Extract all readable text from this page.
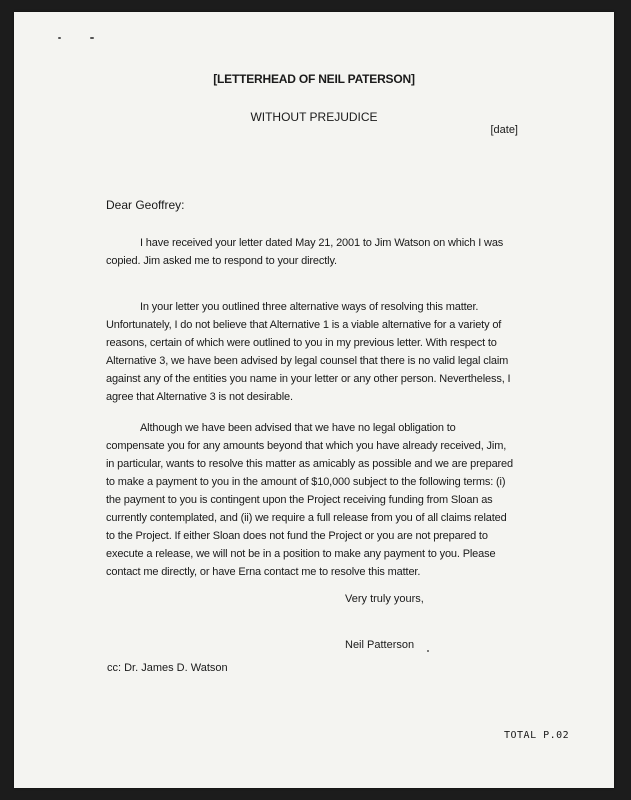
[LETTERHEAD OF NEIL PATERSON]
WITHOUT PREJUDICE
[date]
Dear Geoffrey:
I have received your letter dated May 21, 2001 to Jim Watson on which I was copied. Jim asked me to respond to your directly.
In your letter you outlined three alternative ways of resolving this matter. Unfortunately, I do not believe that Alternative 1 is a viable alternative for a variety of reasons, certain of which were outlined to you in my previous letter. With respect to Alternative 3, we have been advised by legal counsel that there is no valid legal claim against any of the entities you name in your letter or any other person. Nevertheless, I agree that Alternative 3 is not desirable.
Although we have been advised that we have no legal obligation to compensate you for any amounts beyond that which you have already received, Jim, in particular, wants to resolve this matter as amicably as possible and we are prepared to make a payment to you in the amount of $10,000 subject to the following terms: (i) the payment to you is contingent upon the Project receiving funding from Sloan as currently contemplated, and (ii) we require a full release from you of all claims related to the Project. If either Sloan does not fund the Project or you are not prepared to execute a release, we will not be in a position to make any payment to you. Please contact me directly, or have Erna contact me to resolve this matter.
Very truly yours,
Neil Patterson
cc: Dr. James D. Watson
TOTAL P.02
